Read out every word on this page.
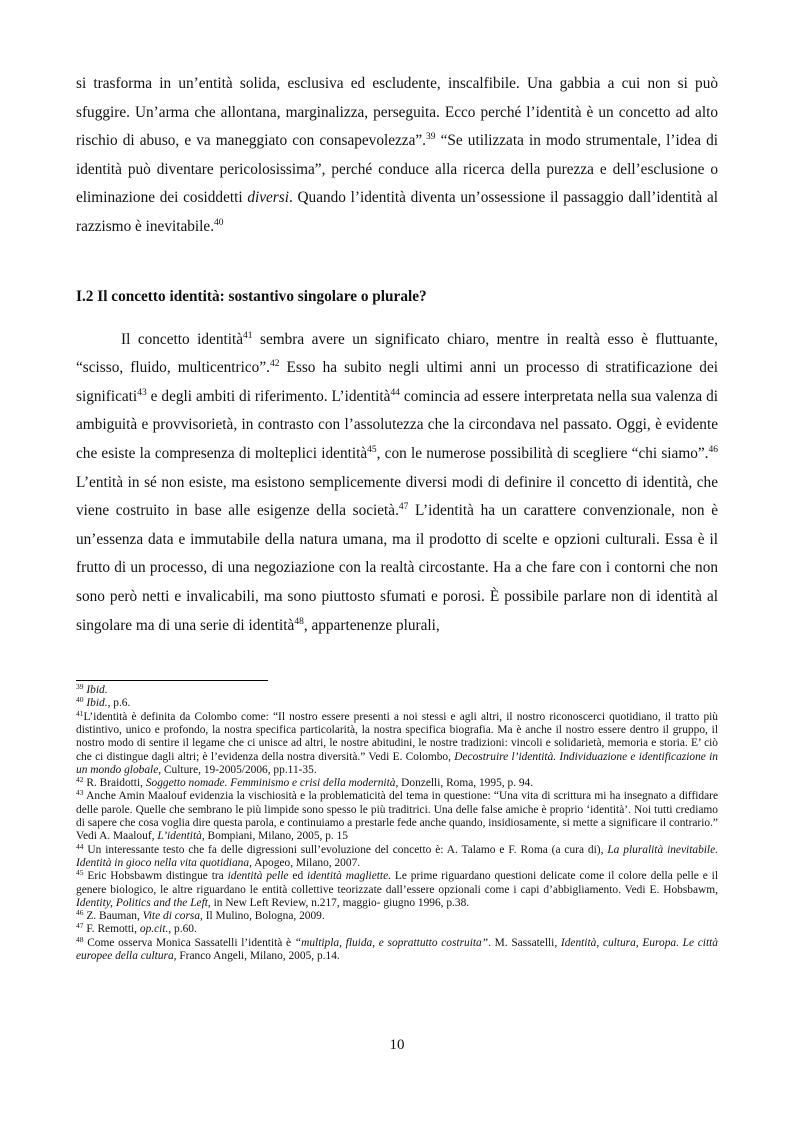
si trasforma in un’entità solida, esclusiva ed escludente, inscalfibile. Una gabbia a cui non si può sfuggire. Un’arma che allontana, marginalizza, perseguita. Ecco perché l’identità è un concetto ad alto rischio di abuso, e va maneggiato con consapevolezza”.$^{39}$ “Se utilizzata in modo strumentale, l’idea di identità può diventare pericolosissima”, perché conduce alla ricerca della purezza e dell’esclusione o eliminazione dei cosiddetti diversi. Quando l’identità diventa un’ossessione il passaggio dall’identità al razzismo è inevitabile.$^{40}$

I.2 Il concetto identità: sostantivo singolare o plurale?

Il concetto identità$^{41}$ sembra avere un significato chiaro, mentre in realtà esso è fluttuante, “scisso, fluido, multicentrico”.$^{42}$ Esso ha subito negli ultimi anni un processo di stratificazione dei significati$^{43}$ e degli ambiti di riferimento. L’identità$^{44}$ comincia ad essere interpretata nella sua valenza di ambiguità e provvisorietà, in contrasto con l’assolutezza che la circondava nel passato. Oggi, è evidente che esiste la compresenza di molteplici identità$^{45}$, con le numerose possibilità di scegliere “chi siamo”.$^{46}$ L’entità in sé non esiste, ma esistono semplicemente diversi modi di definire il concetto di identità, che viene costruito in base alle esigenze della società.$^{47}$ L’identità ha un carattere convenzionale, non è un’essenza data e immutabile della natura umana, ma il prodotto di scelte e opzioni culturali. Essa è il frutto di un processo, di una negoziazione con la realtà circostante. Ha a che fare con i contorni che non sono però netti e invalicabili, ma sono piuttosto sfumati e porosi. È possibile parlare non di identità al singolare ma di una serie di identità$^{48}$, appartenenze plurali,

$^{39}$ Ibid.

$^{40}$ Ibid., p.6.

$^{41}$L’identità è definita da Colombo come: “Il nostro essere presenti a noi stessi e agli altri, il nostro riconoscerci quotidiano, il tratto più distintivo, unico e profondo, la nostra specifica particolarità, la nostra specifica biografia. Ma è anche il nostro essere dentro il gruppo, il nostro modo di sentire il legame che ci unisce ad altri, le nostre abitudini, le nostre tradizioni: vincoli e solidarietà, memoria e storia. E’ ciò che ci distingue dagli altri; è l’evidenza della nostra diversità.” Vedi E. Colombo, Decostruire l’identità. Individuazione e identificazione in un mondo globale, Culture, 19-2005/2006, pp.11-35.

$^{42}$ R. Braidotti, Soggetto nomade. Femminismo e crisi della modernità, Donzelli, Roma, 1995, p. 94.

$^{43}$ Anche Amin Maalouf evidenzia la vischiosità e la problematicità del tema in questione: “Una vita di scrittura mi ha insegnato a diffidare delle parole. Quelle che sembrano le più limpide sono spesso le più traditrici. Una delle false amiche è proprio ‘identità’. Noi tutti crediamo di sapere che cosa voglia dire questa parola, e continuiamo a prestarle fede anche quando, insidiosamente, si mette a significare il contrario.” Vedi A. Maalouf, L’identità, Bompiani, Milano, 2005, p. 15

$^{44}$ Un interessante testo che fa delle digressioni sull’evoluzione del concetto è: A. Talamo e F. Roma (a cura di), La pluralità inevitabile. Identità in gioco nella vita quotidiana, Apogeo, Milano, 2007.

$^{45}$ Eric Hobsbawm distingue tra identità pelle ed identità magliette. Le prime riguardano questioni delicate come il colore della pelle e il genere biologico, le altre riguardano le entità collettive teorizzate dall’essere opzionali come i capi d’abbigliamento. Vedi E. Hobsbawm, Identity, Politics and the Left, in New Left Review, n.217, maggio- giugno 1996, p.38.

$^{46}$ Z. Bauman, Vite di corsa, Il Mulino, Bologna, 2009.

$^{47}$ F. Remotti, op.cit., p.60.

$^{48}$ Come osserva Monica Sassatelli l’identità è “multipla, fluida, e soprattutto costruita”. M. Sassatelli, Identità, cultura, Europa. Le città europee della cultura, Franco Angeli, Milano, 2005, p.14.

10
